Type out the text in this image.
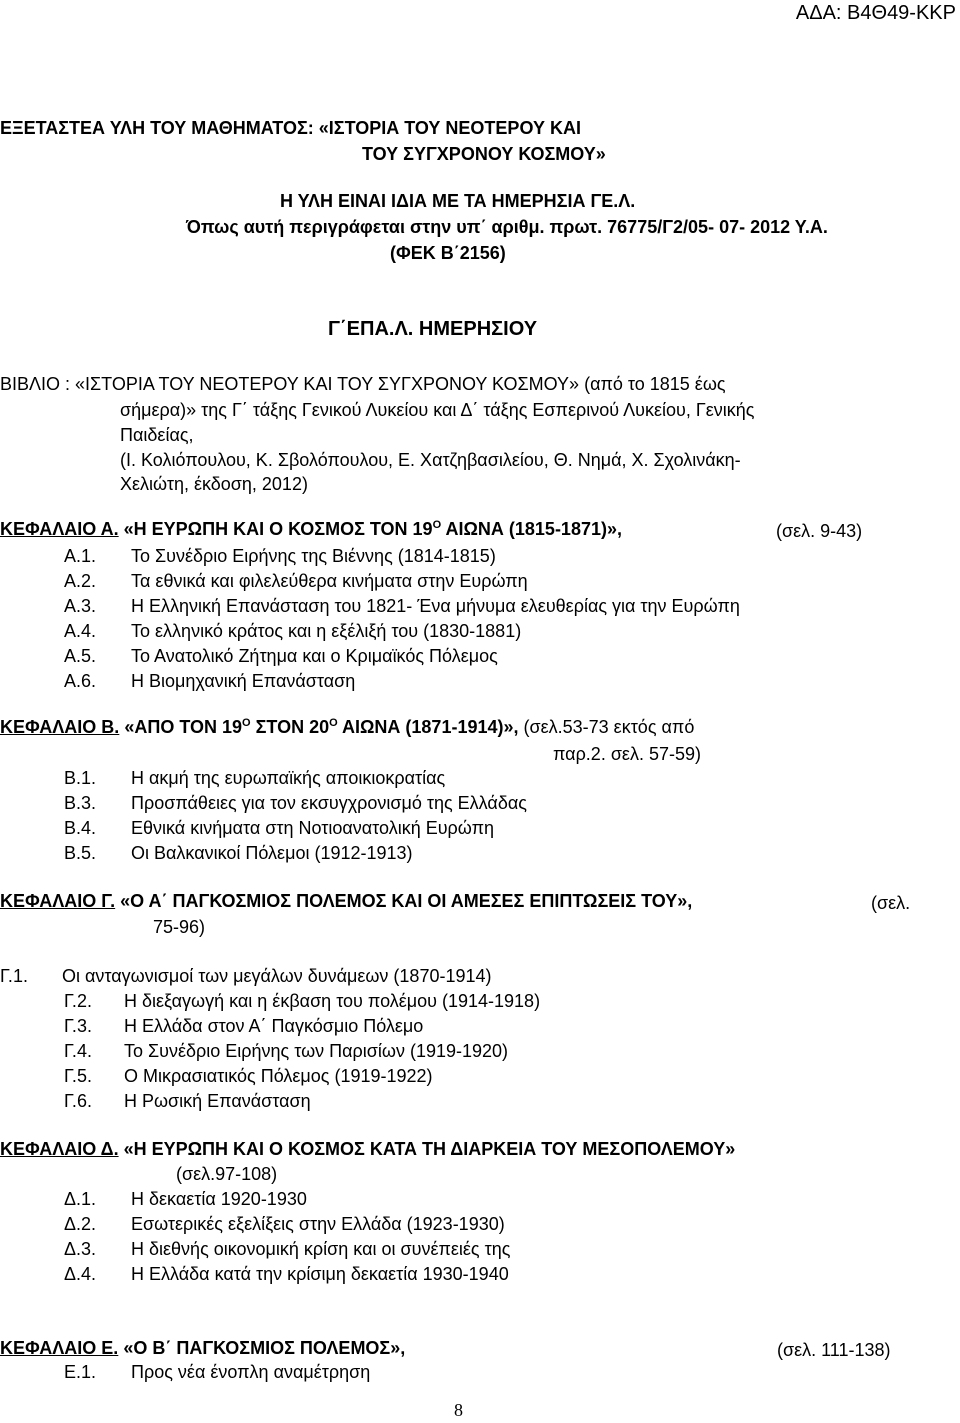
ΑΔΑ: Β4Θ49-ΚΚΡ
ΕΞΕΤΑΣΤΕΑ ΥΛΗ ΤΟΥ ΜΑΘΗΜΑΤΟΣ: «ΙΣΤΟΡΙΑ ΤΟΥ ΝΕΟΤΕΡΟΥ ΚΑΙ
ΤΟΥ ΣΥΓΧΡΟΝΟΥ ΚΟΣΜΟΥ»
Η ΥΛΗ ΕΙΝΑΙ ΙΔΙΑ ΜΕ ΤΑ ΗΜΕΡΗΣΙΑ ΓΕ.Λ.
Όπως αυτή περιγράφεται στην υπ΄ αριθμ. πρωτ. 76775/Γ2/05- 07- 2012 Υ.Α.
(ΦΕΚ Β΄2156)
Γ΄ΕΠΑ.Λ. ΗΜΕΡΗΣΙΟΥ
ΒΙΒΛΙΟ : «ΙΣΤΟΡΙΑ ΤΟΥ ΝΕΟΤΕΡΟΥ ΚΑΙ ΤΟΥ ΣΥΓΧΡΟΝΟΥ ΚΟΣΜΟΥ» (από το 1815 έως
σήμερα)» της Γ΄ τάξης Γενικού Λυκείου και Δ΄ τάξης Εσπερινού Λυκείου, Γενικής
Παιδείας,
(Ι. Κολιόπουλου, Κ. Σβολόπουλου, Ε. Χατζηβασιλείου, Θ. Νημά, Χ. Σχολινάκη-
Χελιώτη, έκδοση, 2012)
ΚΕΦΑΛΑΙΟ Α. «Η ΕΥΡΩΠΗ ΚΑΙ Ο ΚΟΣΜΟΣ ΤΟΝ $19^O$ ΑΙΩΝΑ (1815-1871)»,	(σελ. 9-43)
Α.1. Το Συνέδριο Ειρήνης της Βιέννης (1814-1815)
Α.2. Τα εθνικά και φιλελεύθερα κινήματα στην Ευρώπη
Α.3. Η Ελληνική Επανάσταση του 1821- Ένα μήνυμα ελευθερίας για την Ευρώπη
Α.4. Το ελληνικό κράτος και η εξέλιξή του (1830-1881)
Α.5. Το Ανατολικό Ζήτημα και ο Κριμαϊκός Πόλεμος
Α.6. Η Βιομηχανική Επανάσταση
ΚΕΦΑΛΑΙΟ Β. «ΑΠΟ ΤΟΝ $19^O$ ΣΤΟΝ $20^O$ ΑΙΩΝΑ (1871-1914)», (σελ.53-73 εκτός από
παρ.2. σελ. 57-59)
Β.1. Η ακμή της ευρωπαϊκής αποικιοκρατίας
Β.3. Προσπάθειες για τον εκσυγχρονισμό της Ελλάδας
Β.4. Εθνικά κινήματα στη Νοτιοανατολική Ευρώπη
Β.5. Οι Βαλκανικοί Πόλεμοι (1912-1913)
ΚΕΦΑΛΑΙΟ Γ. «Ο Α΄ ΠΑΓΚΟΣΜΙΟΣ ΠΟΛΕΜΟΣ ΚΑΙ ΟΙ ΑΜΕΣΕΣ ΕΠΙΠΤΩΣΕΙΣ ΤΟΥ»,	(σελ.
75-96)
Γ.1. Οι ανταγωνισμοί των μεγάλων δυνάμεων (1870-1914)
Γ.2. Η διεξαγωγή και η έκβαση του πολέμου (1914-1918)
Γ.3. Η Ελλάδα στον Α΄ Παγκόσμιο Πόλεμο
Γ.4. Το Συνέδριο Ειρήνης των Παρισίων (1919-1920)
Γ.5. Ο Μικρασιατικός Πόλεμος (1919-1922)
Γ.6. Η Ρωσική Επανάσταση
ΚΕΦΑΛΑΙΟ Δ. «Η ΕΥΡΩΠΗ ΚΑΙ Ο ΚΟΣΜΟΣ ΚΑΤΑ ΤΗ ΔΙΑΡΚΕΙΑ ΤΟΥ ΜΕΣΟΠΟΛΕΜΟΥ»
(σελ.97-108)
Δ.1. Η δεκαετία 1920-1930
Δ.2. Εσωτερικές εξελίξεις στην Ελλάδα (1923-1930)
Δ.3. Η διεθνής οικονομική κρίση και οι συνέπειές της
Δ.4. Η Ελλάδα κατά την κρίσιμη δεκαετία 1930-1940
ΚΕΦΑΛΑΙΟ Ε. «Ο Β΄ ΠΑΓΚΟΣΜΙΟΣ ΠΟΛΕΜΟΣ»,	(σελ. 111-138)
Ε.1. Προς νέα ένοπλη αναμέτρηση
8
